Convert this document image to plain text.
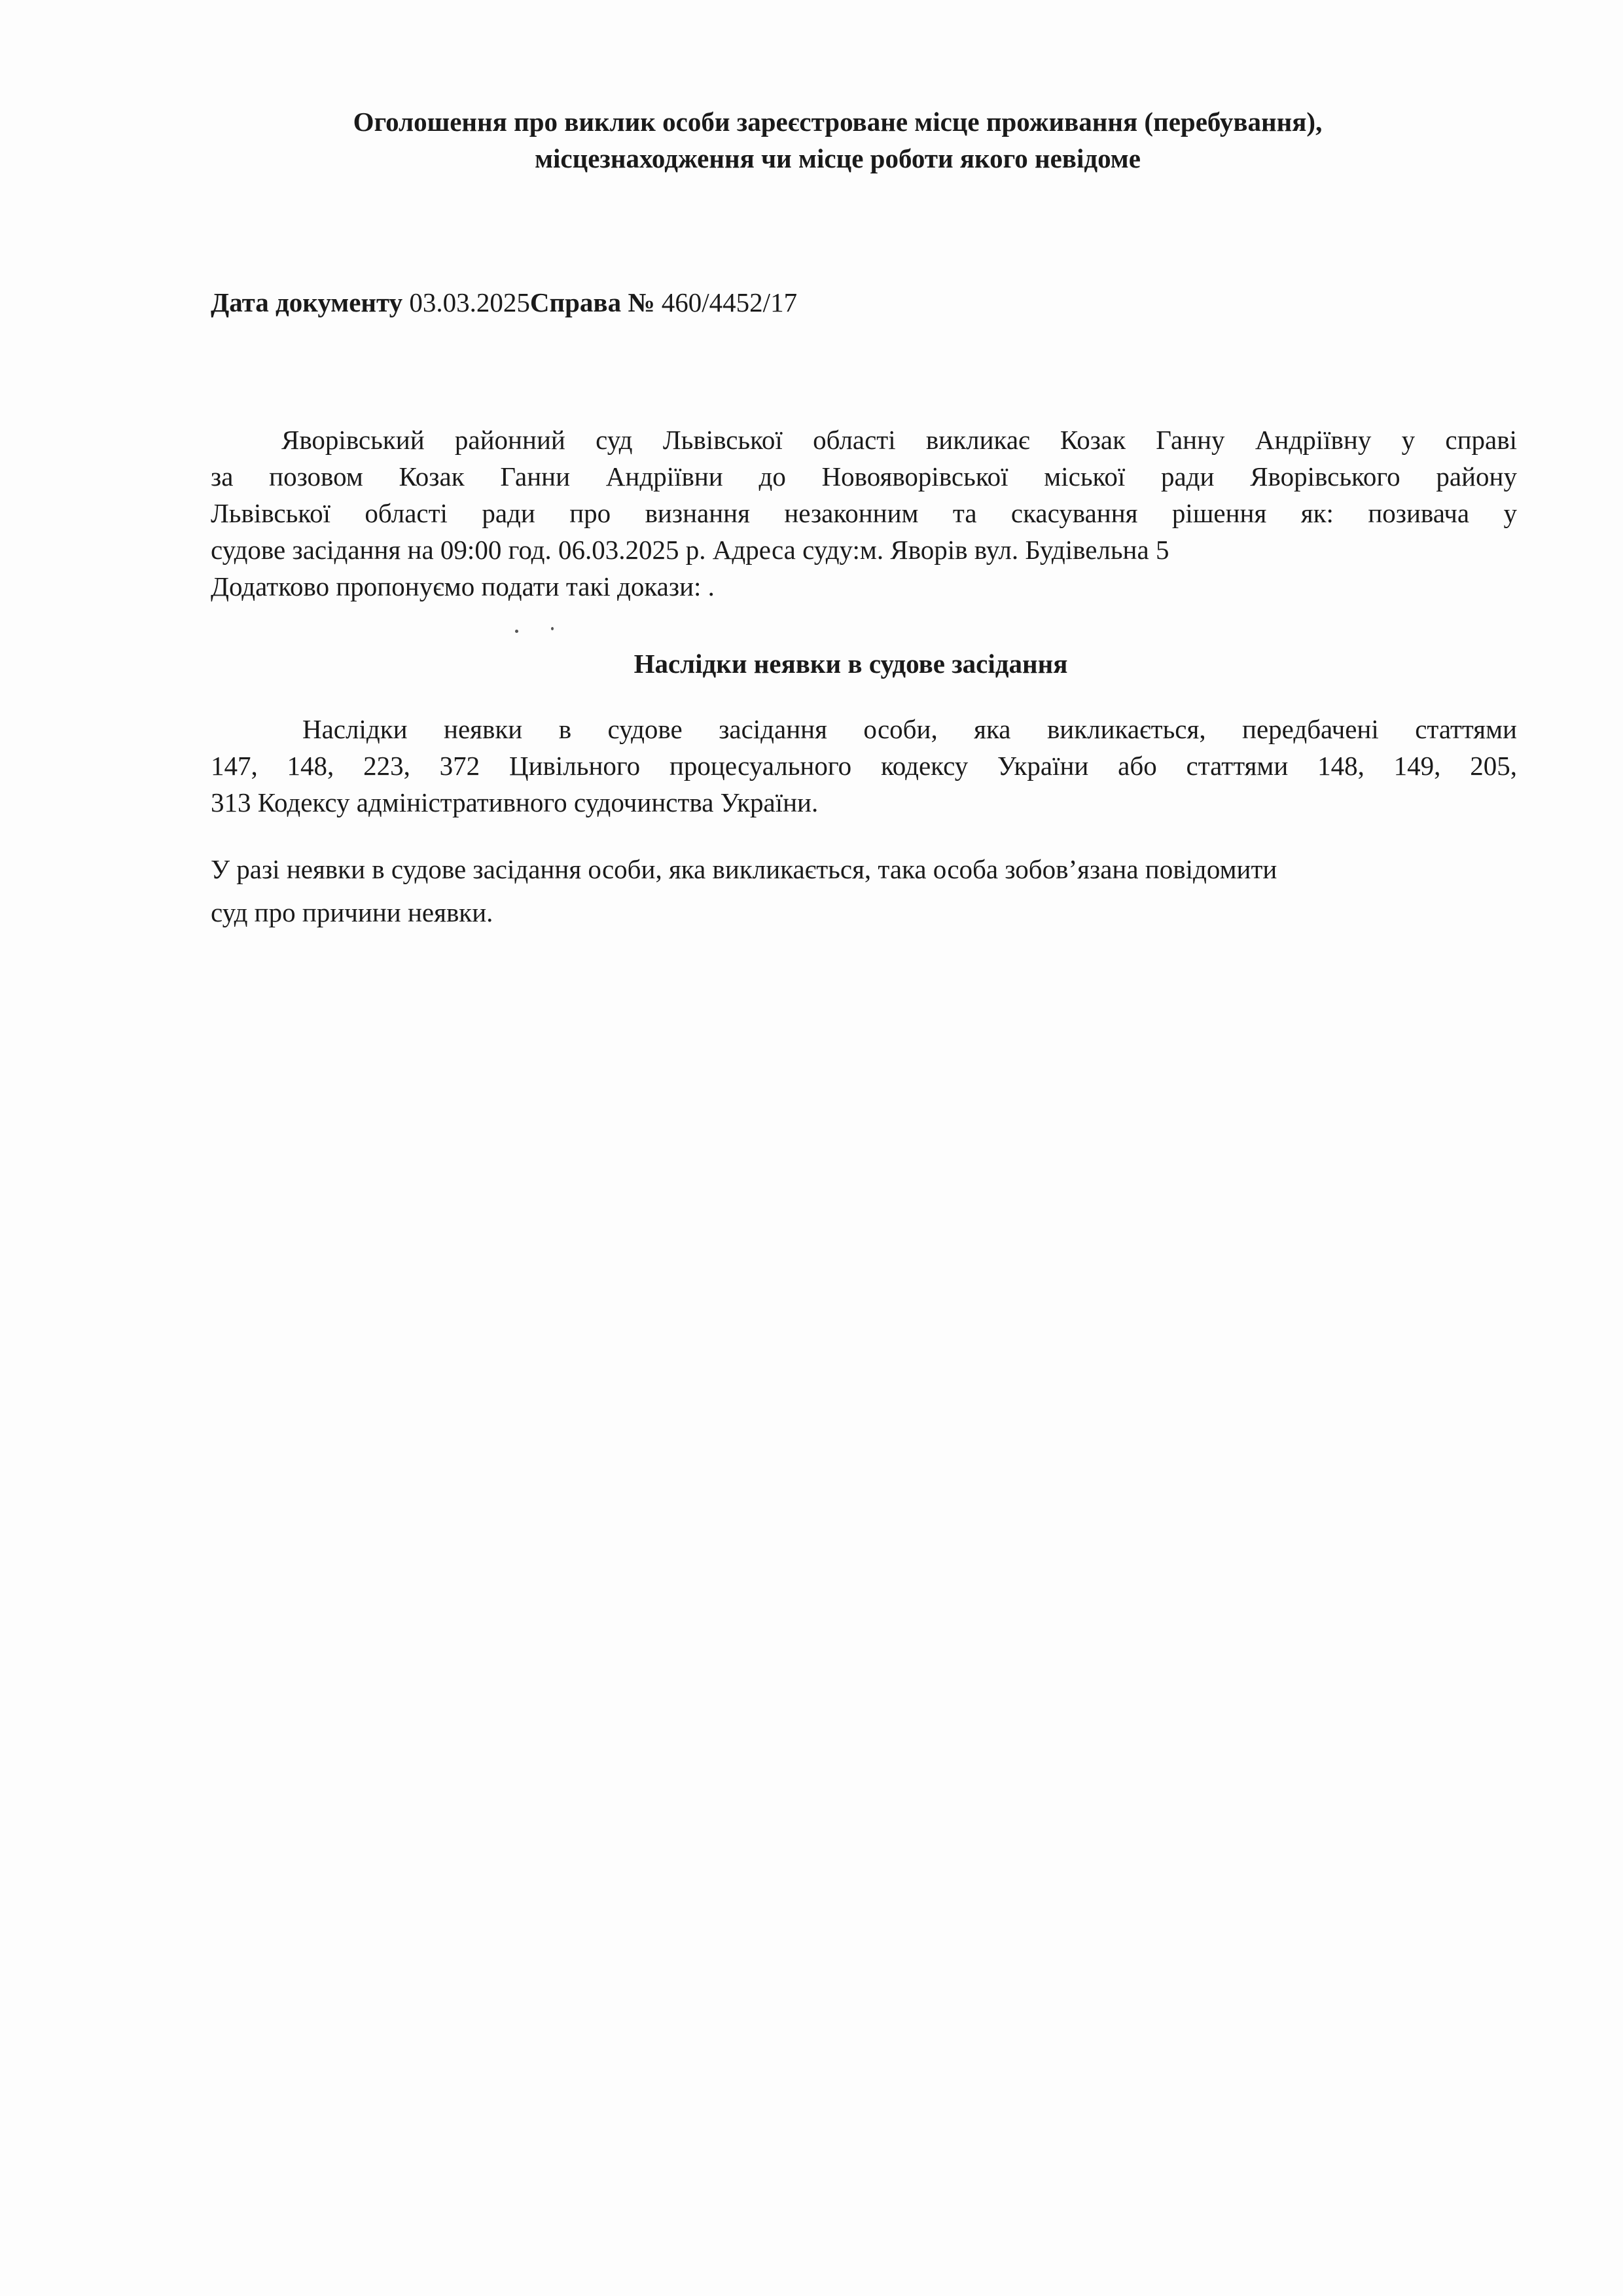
Оголошення про виклик особи зареєстроване місце проживання (перебування),
місцезнаходження чи місце роботи якого невідоме
Дата документу 03.03.2025Справа № 460/4452/17
Яворівський районний суд Львівської області викликає Козак Ганну Андріївну у справі
за позовом Козак Ганни Андріївни до Новояворівської міської ради Яворівського району
Львівської області ради про визнання незаконним та скасування рішення як: позивача у
судове засідання на 09:00 год. 06.03.2025 р. Адреса суду:м. Яворів вул. Будівельна 5
Додатково пропонуємо подати такі докази: .
Наслідки неявки в судове засідання
Наслідки неявки в судове засідання особи, яка викликається, передбачені статтями
147, 148, 223, 372 Цивільного процесуального кодексу України або статтями 148, 149, 205,
313 Кодексу адміністративного судочинства України.
У разі неявки в судове засідання особи, яка викликається, така особа зобов’язана повідомити
суд про причини неявки.
